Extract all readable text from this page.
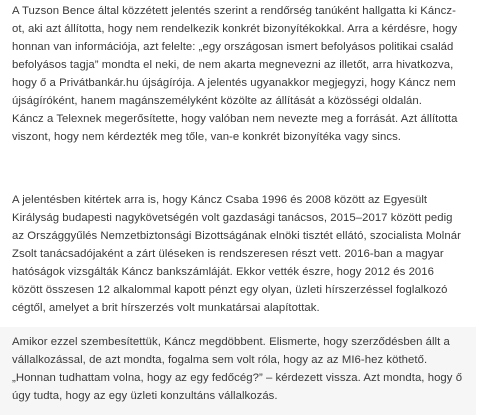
A Tuzson Bence által közzétett jelentés szerint a rendőrség tanúként hallgatta ki Kánczot, aki azt állította, hogy nem rendelkezik konkrét bizonyítékokkal. Arra a kérdésre, hogy honnan van információja, azt felelte: „egy országosan ismert befolyásos politikai család befolyásos tagja” mondta el neki, de nem akarta megnevezni az illetőt, arra hivatkozva, hogy ő a Privátbankár.hu újságírója. A jelentés ugyanakkor megjegyzi, hogy Káncz nem újságíróként, hanem magánszemélyként közölte az állítását a közösségi oldalán.

Káncz a Telexnek megerősítette, hogy valóban nem nevezte meg a forrását. Azt állította viszont, hogy nem kérdezték meg tőle, van-e konkrét bizonyítéka vagy sincs.

A jelentésben kitértek arra is, hogy Káncz Csaba 1996 és 2008 között az Egyesült Királyság budapesti nagykövetségén volt gazdasági tanácsos, 2015–2017 között pedig az Országgyűlés Nemzetbiztonsági Bizottságának elnöki tisztét ellátó, szocialista Molnár Zsolt tanácsadójaként a zárt üléseken is rendszeresen részt vett. 2016-ban a magyar hatóságok vizsgálták Káncz bankszámláját. Ekkor vették észre, hogy 2012 és 2016 között összesen 12 alkalommal kapott pénzt egy olyan, üzleti hírszerzéssel foglalkozó cégtől, amelyet a brit hírszerzés volt munkatársai alapítottak.

Amikor ezzel szembesítettük, Káncz megdöbbent. Elismerte, hogy szerződésben állt a vállalkozással, de azt mondta, fogalma sem volt róla, hogy az az MI6-hez köthető. „Honnan tudhattam volna, hogy az egy fedőcég?” – kérdezett vissza. Azt mondta, hogy ő úgy tudta, hogy az egy üzleti konzultáns vállalkozás.
